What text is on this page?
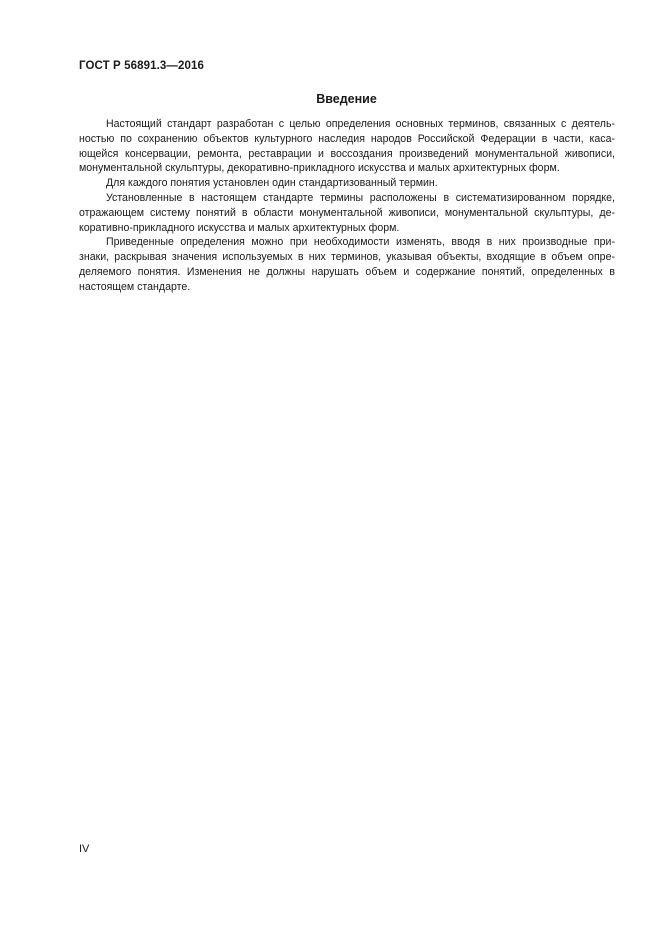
ГОСТ Р 56891.3—2016
Введение
Настоящий стандарт разработан с целью определения основных терминов, связанных с деятель-
ностью по сохранению объектов культурного наследия народов Российской Федерации в части, каса-
ющейся консервации, ремонта, реставрации и воссоздания произведений монументальной живописи,
монументальной скульптуры, декоративно-прикладного искусства и малых архитектурных форм.
Для каждого понятия установлен один стандартизованный термин.
Установленные в настоящем стандарте термины расположены в систематизированном порядке,
отражающем систему понятий в области монументальной живописи, монументальной скульптуры, де-
коративно-прикладного искусства и малых архитектурных форм.
Приведенные определения можно при необходимости изменять, вводя в них производные при-
знаки, раскрывая значения используемых в них терминов, указывая объекты, входящие в объем опре-
деляемого понятия. Изменения не должны нарушать объем и содержание понятий, определенных в
настоящем стандарте.
IV
